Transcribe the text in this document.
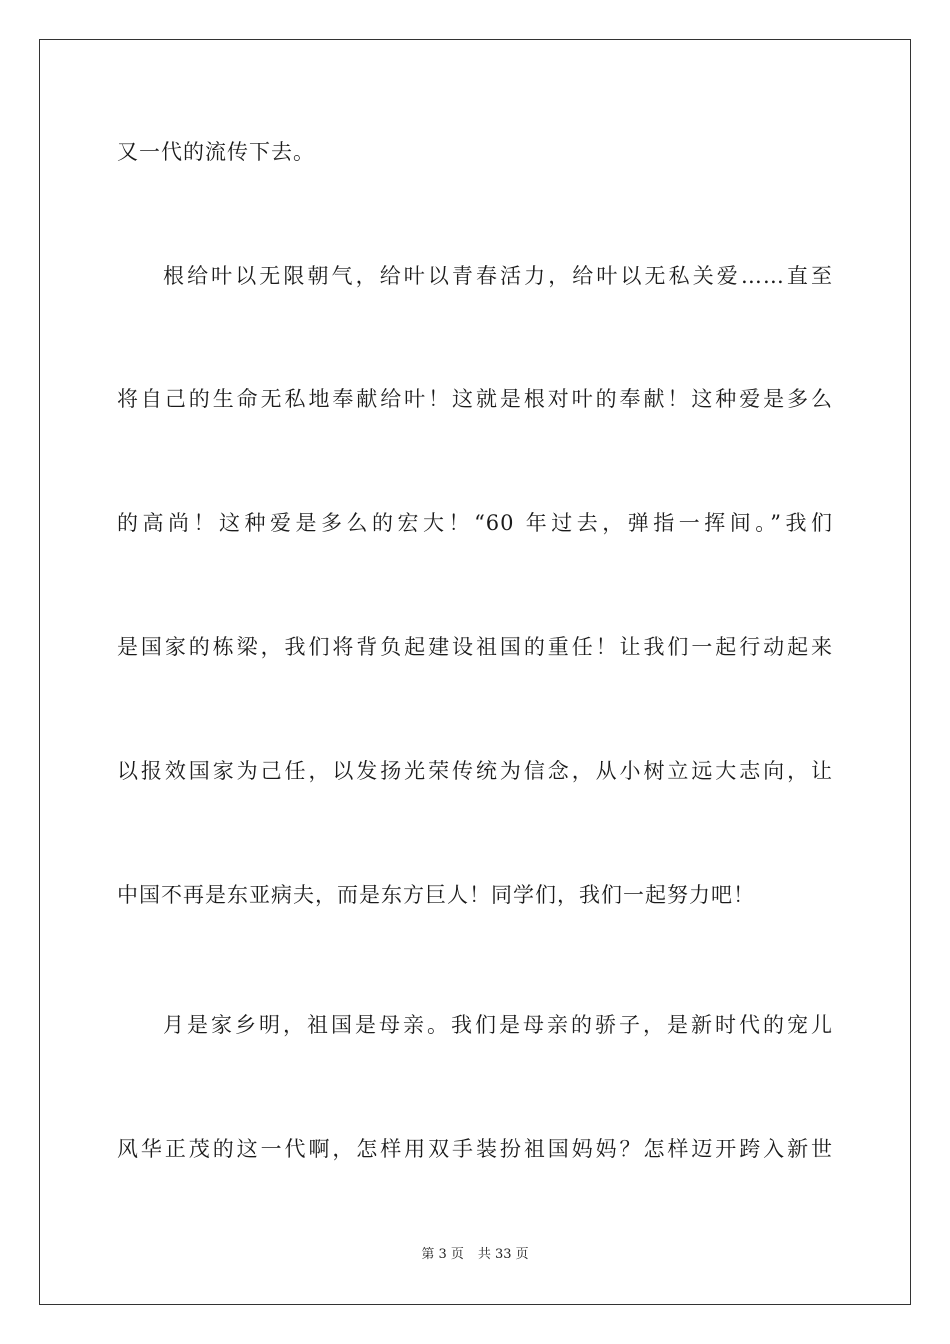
又一代的流传下去。
根给叶以无限朝气，给叶以青春活力，给叶以无私关爱……直至
将自己的生命无私地奉献给叶！这就是根对叶的奉献！这种爱是多么
的高尚！这种爱是多么的宏大！“60 年过去，弹指一挥间。”我们
是国家的栋梁，我们将背负起建设祖国的重任！让我们一起行动起来
以报效国家为己任，以发扬光荣传统为信念，从小树立远大志向，让
中国不再是东亚病夫，而是东方巨人！同学们，我们一起努力吧！
月是家乡明，祖国是母亲。我们是母亲的骄子，是新时代的宠儿
风华正茂的这一代啊，怎样用双手装扮祖国妈妈？怎样迈开跨入新世
第 3 页 共 33 页
